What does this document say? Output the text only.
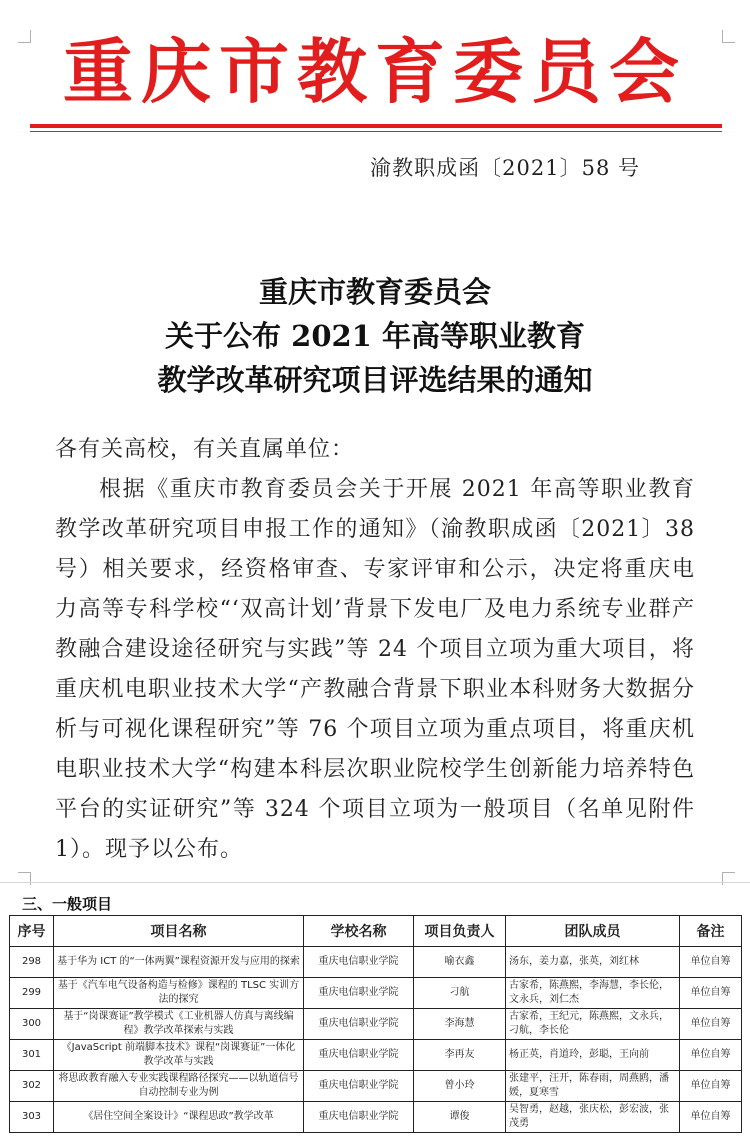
重庆市教育委员会
渝教职成函〔2021〕58 号
重庆市教育委员会
关于公布 2021 年高等职业教育
教学改革研究项目评选结果的通知

各有关高校，有关直属单位：

根据《重庆市教育委员会关于开展 2021 年高等职业教育教学改革研究项目申报工作的通知》（渝教职成函〔2021〕38 号）相关要求，经资格审查、专家评审和公示，决定将重庆电力高等专科学校“‘双高计划’背景下发电厂及电力系统专业群产教融合建设途径研究与实践”等 24 个项目立项为重大项目，将重庆机电职业技术大学“产教融合背景下职业本科财务大数据分析与可视化课程研究”等 76 个项目立项为重点项目，将重庆机电职业技术大学“构建本科层次职业院校学生创新能力培养特色平台的实证研究”等 324 个项目立项为一般项目（名单见附件 1）。现予以公布。

三、一般项目
序号	项目名称	学校名称	项目负责人	团队成员	备注
298	基于华为 ICT 的“一体两翼”课程资源开发与应用的探索	重庆电信职业学院	喻衣鑫	汤东，姜力嘉，张英，刘红林	单位自筹
299	基于《汽车电气设备构造与检修》课程的 TLSC 实训方法的探究	重庆电信职业学院	刁航	古家希，陈燕熙，李海慧，李长伦，文永兵，刘仁杰	单位自筹
300	基于“岗课赛证”教学模式《工业机器人仿真与离线编程》教学改革探索与实践	重庆电信职业学院	李海慧	古家希，王纪元，陈燕熙，文永兵，刁航，李长伦	单位自筹
301	《JavaScript 前端脚本技术》课程“岗课赛证”一体化教学改革与实践	重庆电信职业学院	李再友	杨正英，肖道玲，彭聪，王向前	单位自筹
302	将思政教育融入专业实践课程路径探究——以轨道信号自动控制专业为例	重庆电信职业学院	曾小玲	张建平，汪开，陈春雨，周燕鸥，潘媛，夏寒雪	单位自筹
303	《居住空间全案设计》“课程思政”教学改革	重庆电信职业学院	谭俊	吴智勇，赵越，张庆松，彭宏波，张茂勇	单位自筹
